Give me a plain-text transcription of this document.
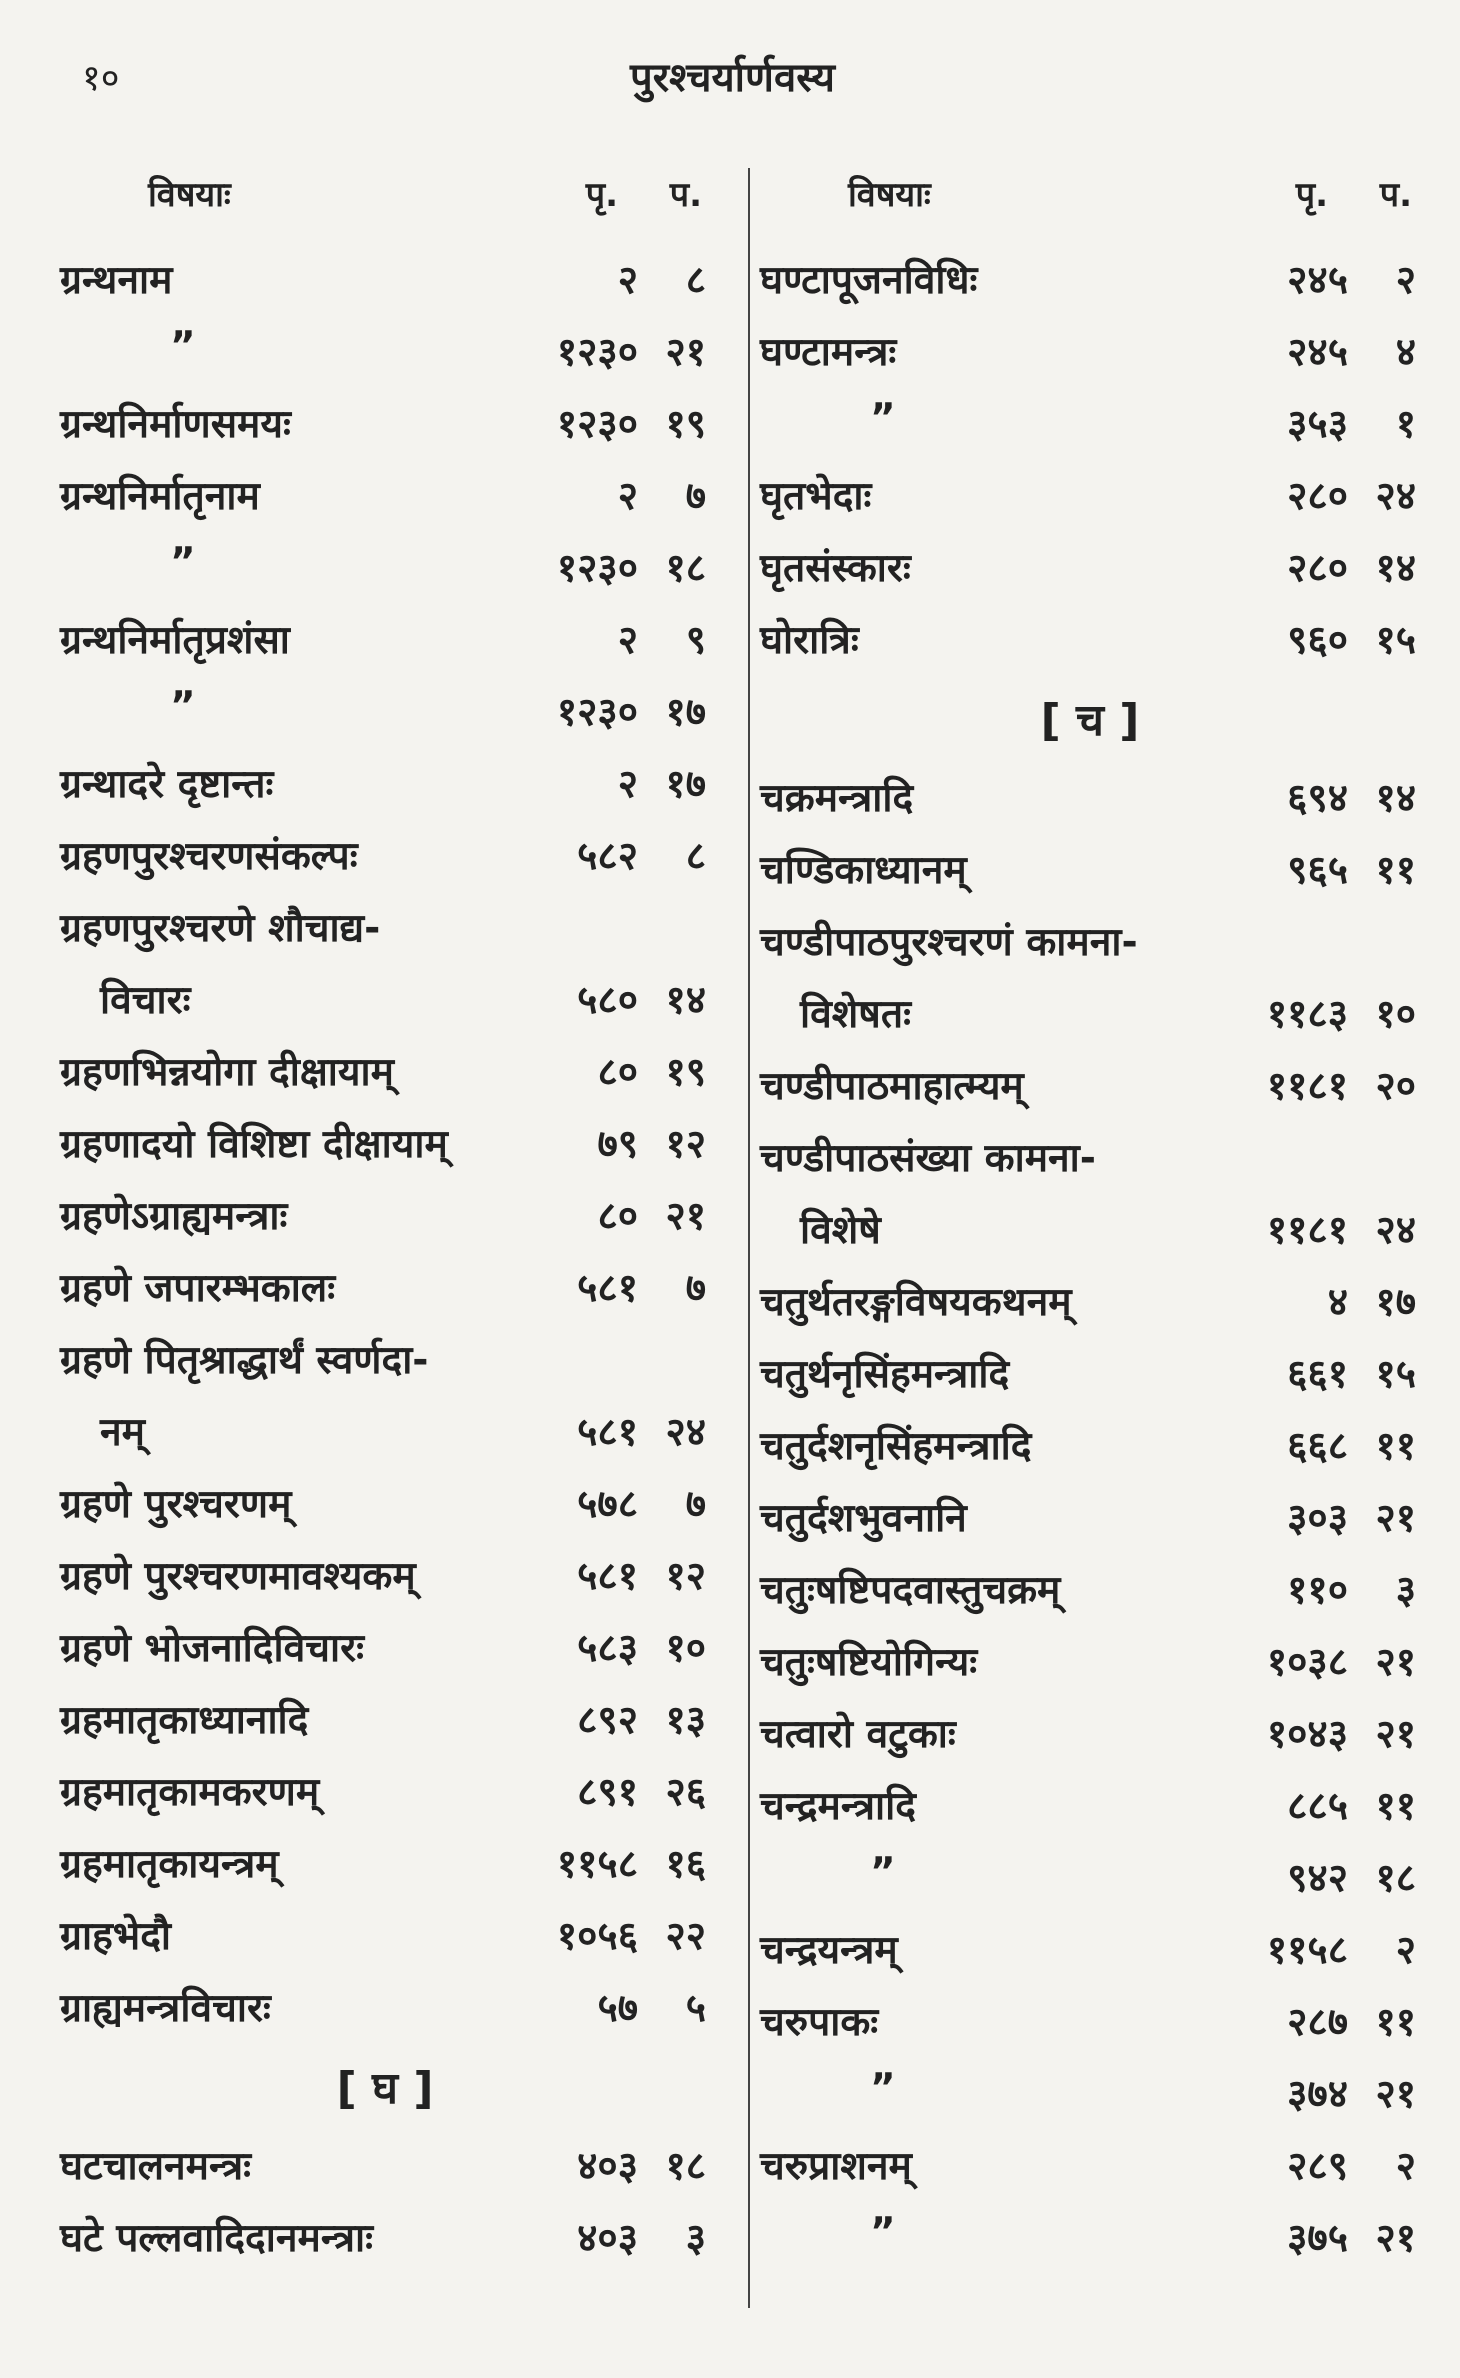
१०	पुरश्चर्यार्णवस्य
विषयाः	पृ. प.
ग्रन्थनाम	२	८
”	१२३० २१
ग्रन्थनिर्माणसमयः	१२३० १९
ग्रन्थनिर्मातृनाम	२	७
”	१२३० १८
ग्रन्थनिर्मातृप्रशंसा	२	९
”	१२३० १७
ग्रन्थादरे दृष्टान्तः	२ १७
ग्रहणपुरश्चरणसंकल्पः	५८२	८
ग्रहणपुरश्चरणे शौचाद्य-
विचारः	५८० १४
ग्रहणभिन्नयोगा दीक्षायाम्	८० १९
ग्रहणादयो विशिष्टा दीक्षायाम्	७९ १२
ग्रहणेऽग्राह्यमन्त्राः	८० २१
ग्रहणे जपारम्भकालः	५८१	७
ग्रहणे पितृश्राद्धार्थं स्वर्णदा-
नम्	५८१ २४
ग्रहणे पुरश्चरणम्	५७८	७
ग्रहणे पुरश्चरणमावश्यकम्	५८१ १२
ग्रहणे भोजनादिविचारः	५८३ १०
ग्रहमातृकाध्यानादि	८९२ १३
ग्रहमातृकामकरणम्	८९१ २६
ग्रहमातृकायन्त्रम्	११५८ १६
ग्राहभेदौ	१०५६ २२
ग्राह्यमन्त्रविचारः	५७	५
[ घ ]
घटचालनमन्त्रः	४०३ १८
घटे पल्लवादिदानमन्त्राः	४०३	३
विषयाः	पृ. प.
घण्टापूजनविधिः	२४५	२
घण्टामन्त्रः	२४५	४
”	३५३	१
घृतभेदाः	२८० २४
घृतसंस्कारः	२८० १४
घोरात्रिः	९६० १५
[ च ]
चक्रमन्त्रादि	६९४ १४
चण्डिकाध्यानम्	९६५ ११
चण्डीपाठपुरश्चरणं कामना-
विशेषतः	११८३ १०
चण्डीपाठमाहात्म्यम्	११८१ २०
चण्डीपाठसंख्या कामना-
विशेषे	११८१ २४
चतुर्थतरङ्गविषयकथनम्	४ १७
चतुर्थनृसिंहमन्त्रादि	६६१ १५
चतुर्दशनृसिंहमन्त्रादि	६६८ ११
चतुर्दशभुवनानि	३०३ २१
चतुःषष्टिपदवास्तुचक्रम्	११०	३
चतुःषष्टियोगिन्यः	१०३८ २१
चत्वारो वटुकाः	१०४३ २१
चन्द्रमन्त्रादि	८८५ ११
”	९४२ १८
चन्द्रयन्त्रम्	११५८	२
चरुपाकः	२८७ ११
”	३७४ २१
चरुप्राशनम्	२८९	२
”	३७५ २१
